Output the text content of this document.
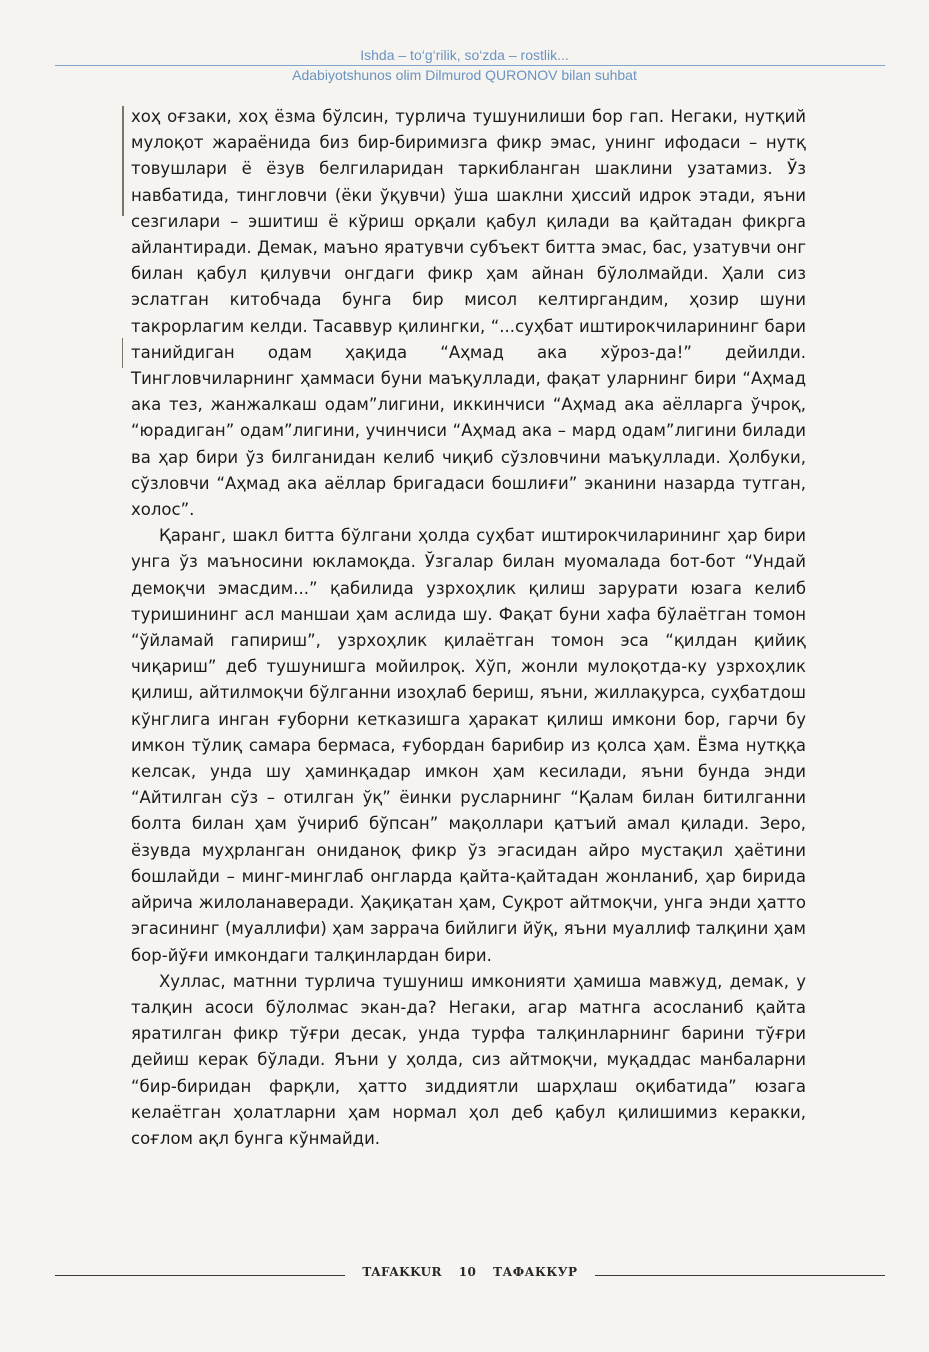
Ishda – to‘g‘rilik, so‘zda – rostlik...
Adabiyotshunos olim Dilmurod QURONOV bilan suhbat

хоҳ оғзаки, хоҳ ёзма бўлсин, турлича тушунилиши бор гап. Негаки, нутқий мулоқот жараёнида биз бир-биримизга фикр эмас, унинг ифодаси – нутқ товушлари ё ёзув белгиларидан таркибланган шаклини узатамиз. Ўз навбатида, тингловчи (ёки ўқувчи) ўша шаклни ҳиссий идрок этади, яъни сезгилари – эшитиш ё кўриш орқали қабул қилади ва қайтадан фикрга айлантиради. Демак, маъно яратувчи субъект битта эмас, бас, узатувчи онг билан қабул қилувчи онгдаги фикр ҳам айнан бўлолмайди. Ҳали сиз эслатган китобчада бунга бир мисол келтиргандим, ҳозир шуни такрорлагим келди. Тасаввур қилингки, “...суҳбат иштирокчиларининг бари танийдиган одам ҳақида “Аҳмад ака хўроз-да!” дейилди. Тингловчиларнинг ҳаммаси буни маъқуллади, фақат уларнинг бири “Аҳмад ака тез, жанжалкаш одам”лигини, иккинчиси “Аҳмад ака аёлларга ўчроқ, “юрадиган” одам”лигини, учинчиси “Аҳмад ака – мард одам”лигини билади ва ҳар бири ўз билганидан келиб чиқиб сўзловчини маъқуллади. Ҳолбуки, сўзловчи “Аҳмад ака аёллар бригадаси бошлиғи” эканини назарда тутган, холос”.

Қаранг, шакл битта бўлгани ҳолда суҳбат иштирокчиларининг ҳар бири унга ўз маъносини юкламоқда. Ўзгалар билан муомалада бот-бот “Ундай демоқчи эмасдим...” қабилида узрхоҳлик қилиш зарурати юзага келиб туришининг асл маншаи ҳам аслида шу. Фақат буни хафа бўлаётган томон “ўйламай гапириш”, узрхоҳлик қилаётган томон эса “қилдан қийиқ чиқариш” деб тушунишга мойилроқ. Хўп, жонли мулоқотда-ку узрхоҳлик қилиш, айтилмоқчи бўлганни изоҳлаб бериш, яъни, жиллақурса, суҳбатдош кўнглига инган ғуборни кетказишга ҳаракат қилиш имкони бор, гарчи бу имкон тўлиқ самара бермаса, ғубордан барибир из қолса ҳам. Ёзма нутққа келсак, унда шу ҳаминқадар имкон ҳам кесилади, яъни бунда энди “Айтилган сўз – отилган ўқ” ёинки русларнинг “Қалам билан битилганни болта билан ҳам ўчириб бўпсан” мақоллари қатъий амал қилади. Зеро, ёзувда муҳрланган ониданоқ фикр ўз эгасидан айро мустақил ҳаётини бошлайди – минг-минглаб онгларда қайта-қайтадан жонланиб, ҳар бирида айрича жилоланаверади. Ҳақиқатан ҳам, Суқрот айтмоқчи, унга энди ҳатто эгасининг (муаллифи) ҳам заррача бийлиги йўқ, яъни муаллиф талқини ҳам бор-йўғи имкондаги талқинлардан бири.

Хуллас, матнни турлича тушуниш имконияти ҳамиша мавжуд, демак, у талқин асоси бўлолмас экан-да? Негаки, агар матнга асосланиб қайта яратилган фикр тўғри десак, унда турфа талқинларнинг барини тўғри дейиш керак бўлади. Яъни у ҳолда, сиз айтмоқчи, муқаддас манбаларни “бир-биридан фарқли, ҳатто зиддиятли шарҳлаш оқибатида” юзага келаётган ҳолатларни ҳам нормал ҳол деб қабул қилишимиз керакки, соғлом ақл бунга кўнмайди.

TAFAKKUR 10 ТАФАККУР
